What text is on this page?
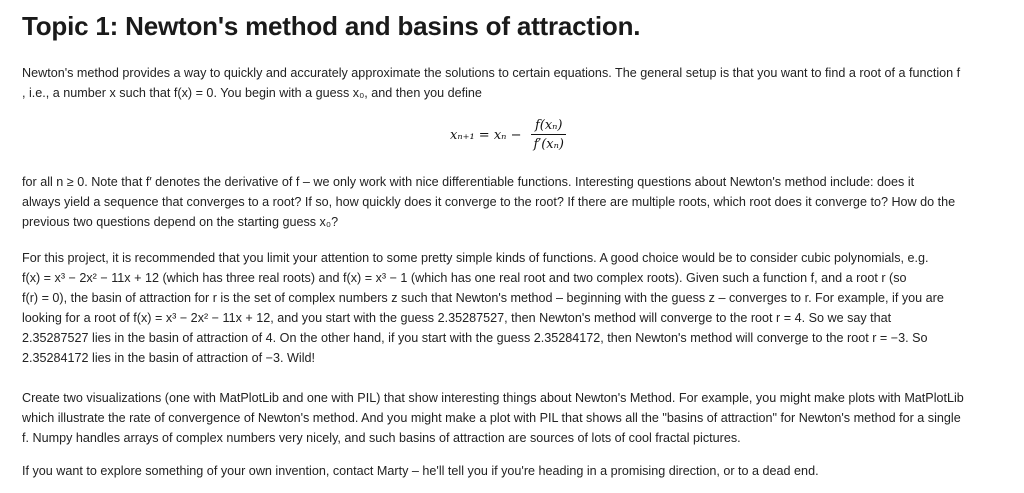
Topic 1: Newton's method and basins of attraction.

Newton's method provides a way to quickly and accurately approximate the solutions to certain equations. The general setup is that you want to find a root of a function f
, i.e., a number x such that f(x) = 0. You begin with a guess x₀, and then you define

$x_{n+1} = x_n - \frac{\text{f(xₙ)}}{\text{f′(xₙ)}}$

for all n ≥ 0. Note that f′ denotes the derivative of f – we only work with nice differentiable functions. Interesting questions about Newton's method include: does it
always yield a sequence that converges to a root? If so, how quickly does it converge to the root? If there are multiple roots, which root does it converge to? How do the
previous two questions depend on the starting guess x₀?

For this project, it is recommended that you limit your attention to some pretty simple kinds of functions. A good choice would be to consider cubic polynomials, e.g.
f(x) = x³ − 2x² − 11x + 12 (which has three real roots) and f(x) = x³ − 1 (which has one real root and two complex roots). Given such a function f, and a root r (so
f(r) = 0), the basin of attraction for r is the set of complex numbers z such that Newton's method – beginning with the guess z – converges to r. For example, if you are
looking for a root of f(x) = x³ − 2x² − 11x + 12, and you start with the guess 2.35287527, then Newton's method will converge to the root r = 4. So we say that
2.35287527 lies in the basin of attraction of 4. On the other hand, if you start with the guess 2.35284172, then Newton's method will converge to the root r = −3. So
2.35284172 lies in the basin of attraction of −3. Wild!

Create two visualizations (one with MatPlotLib and one with PIL) that show interesting things about Newton's Method. For example, you might make plots with MatPlotLib
which illustrate the rate of convergence of Newton's method. And you might make a plot with PIL that shows all the "basins of attraction" for Newton's method for a single
f. Numpy handles arrays of complex numbers very nicely, and such basins of attraction are sources of lots of cool fractal pictures.

If you want to explore something of your own invention, contact Marty – he'll tell you if you're heading in a promising direction, or to a dead end.
